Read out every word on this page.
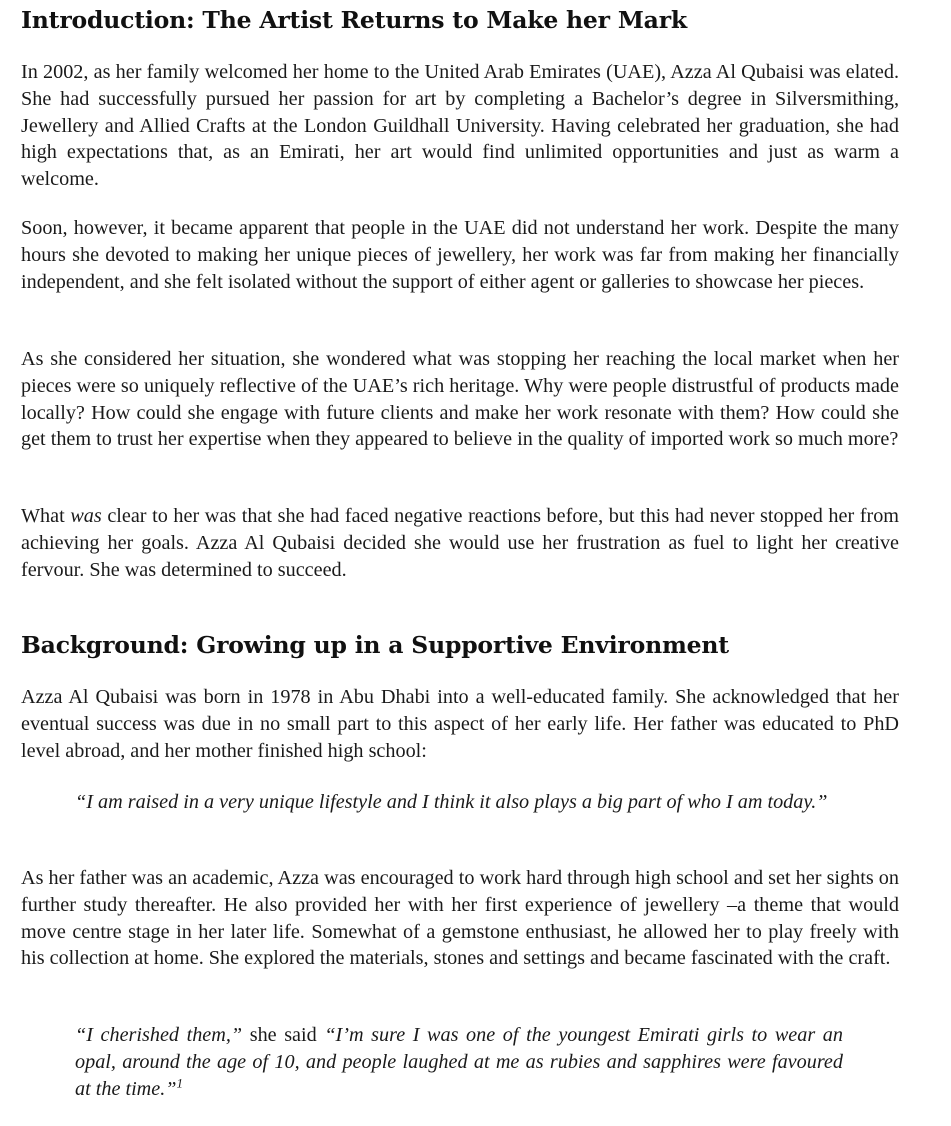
Introduction: The Artist Returns to Make her Mark

In 2002, as her family welcomed her home to the United Arab Emirates (UAE), Azza Al Qubaisi was elated. She had successfully pursued her passion for art by completing a Bachelor’s degree in Silversmithing, Jewellery and Allied Crafts at the London Guildhall University. Having celebrated her graduation, she had high expectations that, as an Emirati, her art would find unlimited opportunities and just as warm a welcome.

Soon, however, it became apparent that people in the UAE did not understand her work. Despite the many hours she devoted to making her unique pieces of jewellery, her work was far from making her financially independent, and she felt isolated without the support of either agent or galleries to showcase her pieces.

As she considered her situation, she wondered what was stopping her reaching the local market when her pieces were so uniquely reflective of the UAE’s rich heritage. Why were people distrustful of products made locally? How could she engage with future clients and make her work resonate with them? How could she get them to trust her expertise when they appeared to believe in the quality of imported work so much more?

What was clear to her was that she had faced negative reactions before, but this had never stopped her from achieving her goals. Azza Al Qubaisi decided she would use her frustration as fuel to light her creative fervour. She was determined to succeed.

Background: Growing up in a Supportive Environment

Azza Al Qubaisi was born in 1978 in Abu Dhabi into a well-educated family. She acknowledged that her eventual success was due in no small part to this aspect of her early life. Her father was educated to PhD level abroad, and her mother finished high school:

“I am raised in a very unique lifestyle and I think it also plays a big part of who I am today.”

As her father was an academic, Azza was encouraged to work hard through high school and set her sights on further study thereafter. He also provided her with her first experience of jewellery –a theme that would move centre stage in her later life. Somewhat of a gemstone enthusiast, he allowed her to play freely with his collection at home. She explored the materials, stones and settings and became fascinated with the craft.

“I cherished them,” she said “I’m sure I was one of the youngest Emirati girls to wear an opal, around the age of 10, and people laughed at me as rubies and sapphires were favoured at the time.”$^1$
